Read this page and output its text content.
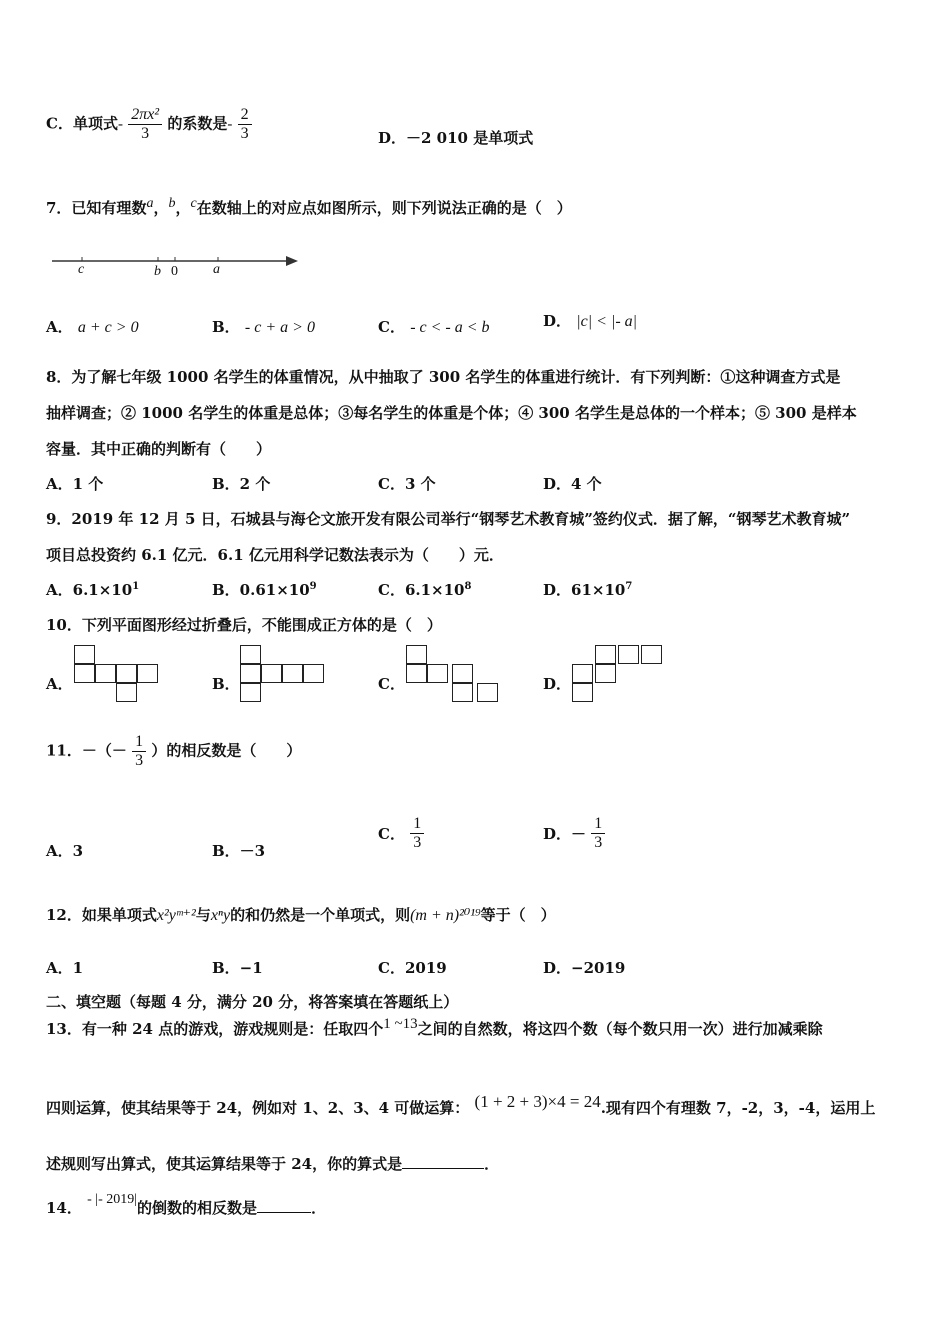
C．单项式- $\frac{\text{2πx²}}{3}$ 的系数是- $\frac{2}{3}$	D．－2 010 是单项式
7．已知有理数$^a$，$^b$，$^c$在数轴上的对应点如图所示，则下列说法正确的是（　）
c	b 0	a
A． a + c > 0	B． - c + a > 0	C． - c < - a < b	D． |c| < |- a|
8．为了解七年级 1000 名学生的体重情况，从中抽取了 300 名学生的体重进行统计．有下列判断：①这种调查方式是
抽样调查；② 1000 名学生的体重是总体；③每名学生的体重是个体；④ 300 名学生是总体的一个样本；⑤ 300 是样本
容量．其中正确的判断有（　　）
A．1 个	B．2 个	C．3 个	D．4 个
9．2019 年 12 月 5 日，石城县与海仑文旅开发有限公司举行“钢琴艺术教育城”签约仪式．据了解，“钢琴艺术教育城”
项目总投资约 6.1 亿元．6.1 亿元用科学记数法表示为（　　）元．
A．$6.1\times 10^1$	B．$0.61\times 10^9$	C．$6.1\times 10^8$	D．$61\times 10^7$
10．下列平面图形经过折叠后，不能围成正方体的是（　）
A．	B．	C．	D．
11．－（－ $\frac{1}{3}$ ）的相反数是（　　）
A．3	B．－3
C． $\frac{1}{3}$	D．－ $\frac{1}{3}$
12．如果单项式x²yᵐ⁺²与xⁿy的和仍然是一个单项式，则(m + n)²⁰¹⁹等于（　）
A．1	B．−1	C．2019	D．−2019
二、填空题（每题 4 分，满分 20 分，将答案填在答题纸上）
13．有一种 24 点的游戏，游戏规则是：任取四个$^{1 \sim 13}$之间的自然数，将这四个数（每个数只用一次）进行加减乘除
四则运算，使其结果等于 24，例如对 1、2、3、4 可做运算： (1 + 2 + 3)×4 = 24.现有四个有理数 7，-2，3，-4，运用上
述规则写出算式，使其运算结果等于 24，你的算式是	．
14． - |- 2019|的倒数的相反数是	．
